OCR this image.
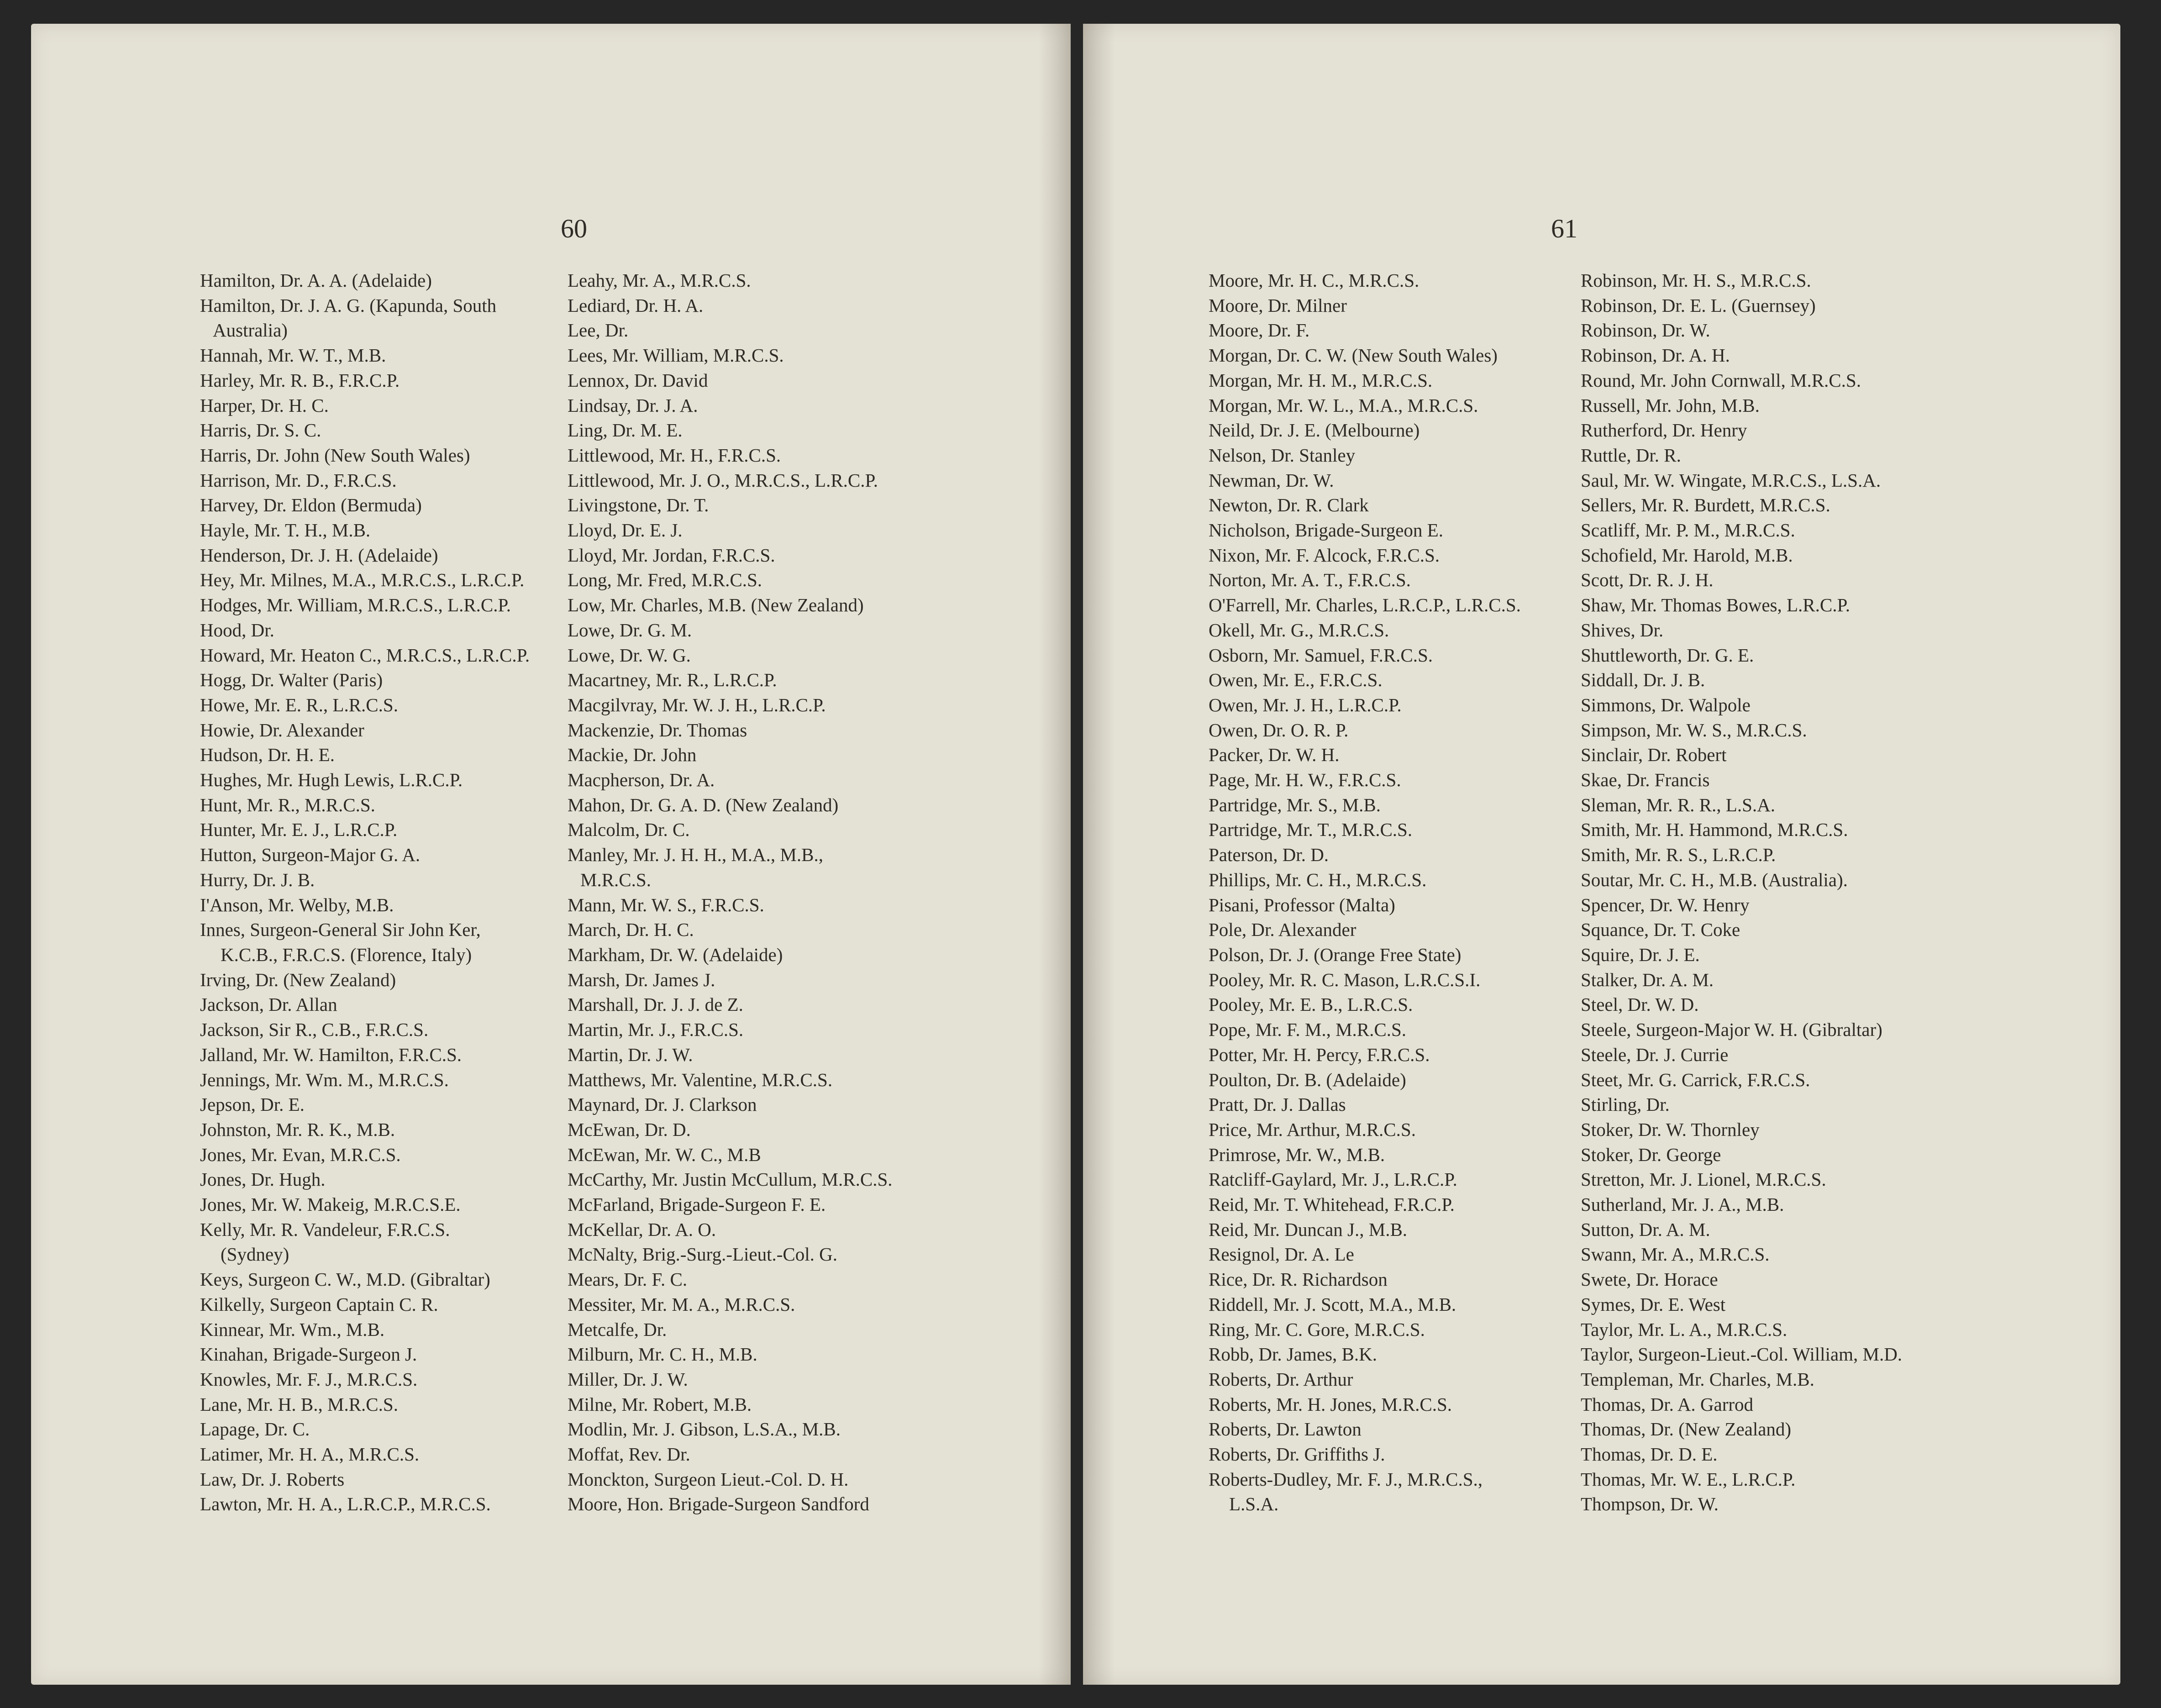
60
Hamilton, Dr. A. A. (Adelaide)
Hamilton, Dr. J. A. G. (Kapunda, South
Australia)
Hannah, Mr. W. T., M.B.
Harley, Mr. R. B., F.R.C.P.
Harper, Dr. H. C.
Harris, Dr. S. C.
Harris, Dr. John (New South Wales)
Harrison, Mr. D., F.R.C.S.
Harvey, Dr. Eldon (Bermuda)
Hayle, Mr. T. H., M.B.
Henderson, Dr. J. H. (Adelaide)
Hey, Mr. Milnes, M.A., M.R.C.S., L.R.C.P.
Hodges, Mr. William, M.R.C.S., L.R.C.P.
Hood, Dr.
Howard, Mr. Heaton C., M.R.C.S., L.R.C.P.
Hogg, Dr. Walter (Paris)
Howe, Mr. E. R., L.R.C.S.
Howie, Dr. Alexander
Hudson, Dr. H. E.
Hughes, Mr. Hugh Lewis, L.R.C.P.
Hunt, Mr. R., M.R.C.S.
Hunter, Mr. E. J., L.R.C.P.
Hutton, Surgeon-Major G. A.
Hurry, Dr. J. B.
I'Anson, Mr. Welby, M.B.
Innes, Surgeon-General Sir John Ker,
K.C.B., F.R.C.S. (Florence, Italy)
Irving, Dr. (New Zealand)
Jackson, Dr. Allan
Jackson, Sir R., C.B., F.R.C.S.
Jalland, Mr. W. Hamilton, F.R.C.S.
Jennings, Mr. Wm. M., M.R.C.S.
Jepson, Dr. E.
Johnston, Mr. R. K., M.B.
Jones, Mr. Evan, M.R.C.S.
Jones, Dr. Hugh.
Jones, Mr. W. Makeig, M.R.C.S.E.
Kelly, Mr. R. Vandeleur, F.R.C.S.
(Sydney)
Keys, Surgeon C. W., M.D. (Gibraltar)
Kilkelly, Surgeon Captain C. R.
Kinnear, Mr. Wm., M.B.
Kinahan, Brigade-Surgeon J.
Knowles, Mr. F. J., M.R.C.S.
Lane, Mr. H. B., M.R.C.S.
Lapage, Dr. C.
Latimer, Mr. H. A., M.R.C.S.
Law, Dr. J. Roberts
Lawton, Mr. H. A., L.R.C.P., M.R.C.S.
Leahy, Mr. A., M.R.C.S.
Lediard, Dr. H. A.
Lee, Dr.
Lees, Mr. William, M.R.C.S.
Lennox, Dr. David
Lindsay, Dr. J. A.
Ling, Dr. M. E.
Littlewood, Mr. H., F.R.C.S.
Littlewood, Mr. J. O., M.R.C.S., L.R.C.P.
Livingstone, Dr. T.
Lloyd, Dr. E. J.
Lloyd, Mr. Jordan, F.R.C.S.
Long, Mr. Fred, M.R.C.S.
Low, Mr. Charles, M.B. (New Zealand)
Lowe, Dr. G. M.
Lowe, Dr. W. G.
Macartney, Mr. R., L.R.C.P.
Macgilvray, Mr. W. J. H., L.R.C.P.
Mackenzie, Dr. Thomas
Mackie, Dr. John
Macpherson, Dr. A.
Mahon, Dr. G. A. D. (New Zealand)
Malcolm, Dr. C.
Manley, Mr. J. H. H., M.A., M.B.,
M.R.C.S.
Mann, Mr. W. S., F.R.C.S.
March, Dr. H. C.
Markham, Dr. W. (Adelaide)
Marsh, Dr. James J.
Marshall, Dr. J. J. de Z.
Martin, Mr. J., F.R.C.S.
Martin, Dr. J. W.
Matthews, Mr. Valentine, M.R.C.S.
Maynard, Dr. J. Clarkson
McEwan, Dr. D.
McEwan, Mr. W. C., M.B
McCarthy, Mr. Justin McCullum, M.R.C.S.
McFarland, Brigade-Surgeon F. E.
McKellar, Dr. A. O.
McNalty, Brig.-Surg.-Lieut.-Col. G.
Mears, Dr. F. C.
Messiter, Mr. M. A., M.R.C.S.
Metcalfe, Dr.
Milburn, Mr. C. H., M.B.
Miller, Dr. J. W.
Milne, Mr. Robert, M.B.
Modlin, Mr. J. Gibson, L.S.A., M.B.
Moffat, Rev. Dr.
Monckton, Surgeon Lieut.-Col. D. H.
Moore, Hon. Brigade-Surgeon Sandford
61
Moore, Mr. H. C., M.R.C.S.
Moore, Dr. Milner
Moore, Dr. F.
Morgan, Dr. C. W. (New South Wales)
Morgan, Mr. H. M., M.R.C.S.
Morgan, Mr. W. L., M.A., M.R.C.S.
Neild, Dr. J. E. (Melbourne)
Nelson, Dr. Stanley
Newman, Dr. W.
Newton, Dr. R. Clark
Nicholson, Brigade-Surgeon E.
Nixon, Mr. F. Alcock, F.R.C.S.
Norton, Mr. A. T., F.R.C.S.
O'Farrell, Mr. Charles, L.R.C.P., L.R.C.S.
Okell, Mr. G., M.R.C.S.
Osborn, Mr. Samuel, F.R.C.S.
Owen, Mr. E., F.R.C.S.
Owen, Mr. J. H., L.R.C.P.
Owen, Dr. O. R. P.
Packer, Dr. W. H.
Page, Mr. H. W., F.R.C.S.
Partridge, Mr. S., M.B.
Partridge, Mr. T., M.R.C.S.
Paterson, Dr. D.
Phillips, Mr. C. H., M.R.C.S.
Pisani, Professor (Malta)
Pole, Dr. Alexander
Polson, Dr. J. (Orange Free State)
Pooley, Mr. R. C. Mason, L.R.C.S.I.
Pooley, Mr. E. B., L.R.C.S.
Pope, Mr. F. M., M.R.C.S.
Potter, Mr. H. Percy, F.R.C.S.
Poulton, Dr. B. (Adelaide)
Pratt, Dr. J. Dallas
Price, Mr. Arthur, M.R.C.S.
Primrose, Mr. W., M.B.
Ratcliff-Gaylard, Mr. J., L.R.C.P.
Reid, Mr. T. Whitehead, F.R.C.P.
Reid, Mr. Duncan J., M.B.
Resignol, Dr. A. Le
Rice, Dr. R. Richardson
Riddell, Mr. J. Scott, M.A., M.B.
Ring, Mr. C. Gore, M.R.C.S.
Robb, Dr. James, B.K.
Roberts, Dr. Arthur
Roberts, Mr. H. Jones, M.R.C.S.
Roberts, Dr. Lawton
Roberts, Dr. Griffiths J.
Roberts-Dudley, Mr. F. J., M.R.C.S.,
L.S.A.
Robinson, Mr. H. S., M.R.C.S.
Robinson, Dr. E. L. (Guernsey)
Robinson, Dr. W.
Robinson, Dr. A. H.
Round, Mr. John Cornwall, M.R.C.S.
Russell, Mr. John, M.B.
Rutherford, Dr. Henry
Ruttle, Dr. R.
Saul, Mr. W. Wingate, M.R.C.S., L.S.A.
Sellers, Mr. R. Burdett, M.R.C.S.
Scatliff, Mr. P. M., M.R.C.S.
Schofield, Mr. Harold, M.B.
Scott, Dr. R. J. H.
Shaw, Mr. Thomas Bowes, L.R.C.P.
Shives, Dr.
Shuttleworth, Dr. G. E.
Siddall, Dr. J. B.
Simmons, Dr. Walpole
Simpson, Mr. W. S., M.R.C.S.
Sinclair, Dr. Robert
Skae, Dr. Francis
Sleman, Mr. R. R., L.S.A.
Smith, Mr. H. Hammond, M.R.C.S.
Smith, Mr. R. S., L.R.C.P.
Soutar, Mr. C. H., M.B. (Australia).
Spencer, Dr. W. Henry
Squance, Dr. T. Coke
Squire, Dr. J. E.
Stalker, Dr. A. M.
Steel, Dr. W. D.
Steele, Surgeon-Major W. H. (Gibraltar)
Steele, Dr. J. Currie
Steet, Mr. G. Carrick, F.R.C.S.
Stirling, Dr.
Stoker, Dr. W. Thornley
Stoker, Dr. George
Stretton, Mr. J. Lionel, M.R.C.S.
Sutherland, Mr. J. A., M.B.
Sutton, Dr. A. M.
Swann, Mr. A., M.R.C.S.
Swete, Dr. Horace
Symes, Dr. E. West
Taylor, Mr. L. A., M.R.C.S.
Taylor, Surgeon-Lieut.-Col. William, M.D.
Templeman, Mr. Charles, M.B.
Thomas, Dr. A. Garrod
Thomas, Dr. (New Zealand)
Thomas, Dr. D. E.
Thomas, Mr. W. E., L.R.C.P.
Thompson, Dr. W.
